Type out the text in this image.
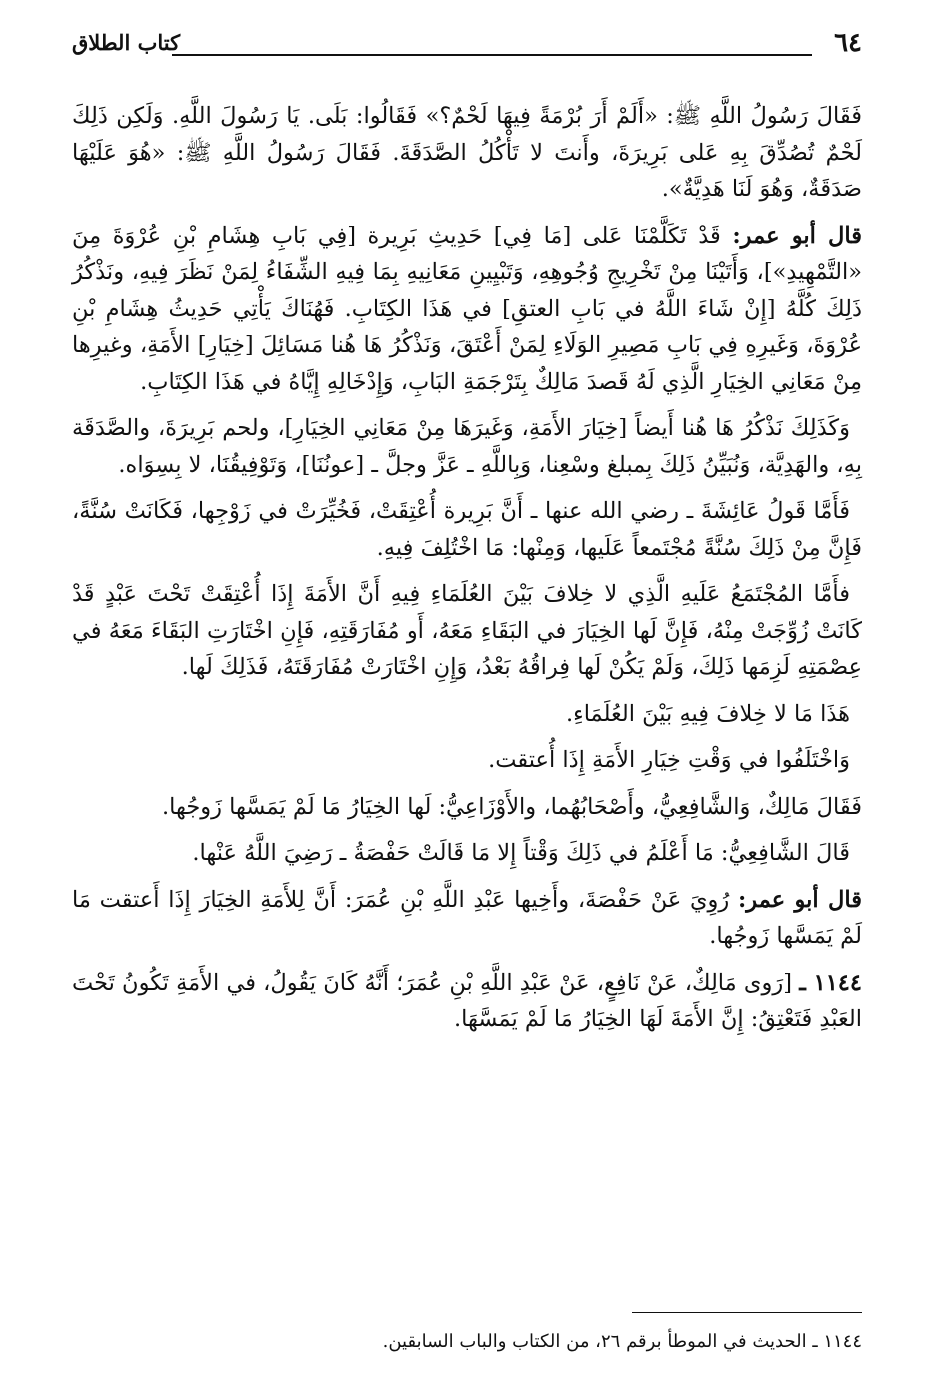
٦٤
كتاب الطلاق

فَقَالَ رَسُولُ اللَّهِ ﷺ: «أَلَمْ أَرَ بُرْمَةً فِيهَا لَحْمٌ؟» فَقَالُوا: بَلَى. يَا رَسُولَ اللَّهِ. وَلَكِن ذَلِكَ لَحْمٌ تُصُدِّقَ بِهِ عَلى بَرِيرَةَ، وأَنتَ لا تَأْكُلُ الصَّدَقَةَ. فَقَالَ رَسُولُ اللَّهِ ﷺ: «هُوَ عَلَيْهَا صَدَقَةٌ، وَهُوَ لَنَا هَدِيَّةٌ».

قال أبو عمر: قَدْ تَكَلَّمْنَا عَلى [مَا فِي] حَدِيثِ بَرِيرة [فِي بَابِ هِشَامِ بْنِ عُرْوَةَ مِنَ «التَّمْهِيدِ»]، وَأَتَيْنَا مِنْ تَخْرِيجِ وُجُوهِهِ، وَتَبْيِينِ مَعَانِيهِ بِمَا فِيهِ الشِّفَاءُ لِمَنْ نَظَرَ فِيهِ، ونَذْكُرُ ذَلِكَ كُلَّهُ [إِنْ شَاءَ اللَّهُ في بَابِ العتقِ] في هَذَا الكِتَابِ. فَهُنَاكَ يَأْتِي حَدِيثُ هِشَامِ بْنِ عُرْوَةَ، وَغَيرِهِ فِي بَابِ مَصِيرِ الوَلَاءِ لِمَنْ أَعْتَقَ، وَنَذْكُرُ هَا هُنا مَسَائِلَ [خِيَارِ] الأَمَةِ، وغيرِها مِنْ مَعَانِي الخِيَارِ الَّذِي لَهُ قَصدَ مَالِكٌ بِتَرْجَمَةِ البَابِ، وَإِدْخَالِهِ إِيَّاهُ في هَذَا الكِتَابِ.

وَكَذَلِكَ نَذْكُرُ هَا هُنا أَيضاً [خِيَارَ الأَمَةِ، وَغَيرَهَا مِنْ مَعَانِي الخِيَارِ]، ولحم بَرِيرَةَ، والصَّدَقَة بِهِ، والهَدِيَّة، وَنُبَيِّنُ ذَلِكَ بِمبلغ وسْعِنا، وَبِاللَّهِ ـ عَزَّ وجلَّ ـ [عونُنَا]، وَتَوْفِيقُنَا، لا بِسِوَاه.

فَأَمَّا قَولُ عَائِشَةَ ـ رضي الله عنها ـ أَنَّ بَرِيرة أُعْتِقَتْ، فَخُيِّرَتْ في زَوْجِها، فَكَانَتْ سُنَّةً، فَإِنَّ مِنْ ذَلِكَ سُنَّةً مُجْتَمعاً عَلَيها، وَمِنْها: مَا اخْتُلِفَ فِيهِ.

فأَمَّا المُجْتَمَعُ عَلَيهِ الَّذِي لا خِلافَ بَيْنَ العُلَمَاءِ فِيهِ أَنَّ الأَمَةَ إِذَا أُعْتِقَتْ تَحْتَ عَبْدٍ قَدْ كَانَتْ زُوِّجَتْ مِنْهُ، فَإِنَّ لَها الخِيَارَ في البَقَاءِ مَعَهُ، أَو مُفَارَقَتِهِ، فَإِنِ اخْتَارَتِ البَقَاءَ مَعَهُ في عِصْمَتِهِ لَزِمَها ذَلِكَ، وَلَمْ يَكُنْ لَها فِراقُهُ بَعْدُ، وَإِنِ اخْتَارَتْ مُفَارَقَتَهُ، فَذَلِكَ لَها.

هَذَا مَا لا خِلافَ فِيهِ بَيْنَ العُلَمَاءِ.

وَاخْتَلَفُوا في وَقْتِ خِيَارِ الأَمَةِ إِذَا أُعتقت.

فَقَالَ مَالِكٌ، وَالشَّافِعِيُّ، وأَصْحَابُهُما، والأَوْزَاعِيُّ: لَها الخِيَارُ مَا لَمْ يَمَسَّها زَوجُها.

قَالَ الشَّافِعِيُّ: مَا أَعْلَمُ في ذَلِكَ وَقْتاً إِلا مَا قَالَتْ حَفْصَةُ ـ رَضِيَ اللَّهُ عَنْها.

قال أبو عمر: رُوِيَ عَنْ حَفْصَةَ، وأَخِيها عَبْدِ اللَّهِ بْنِ عُمَرَ: أَنَّ لِلأَمَةِ الخِيَارَ إِذَا أَعتقت مَا لَمْ يَمَسَّها زَوجُها.

١١٤٤ ـ [رَوى مَالِكٌ، عَنْ نَافِعٍ، عَنْ عَبْدِ اللَّهِ بْنِ عُمَرَ؛ أَنَّهُ كَانَ يَقُولُ، في الأَمَةِ تَكُونُ تَحْتَ العَبْدِ فَتَعْتِقُ: إِنَّ الأَمَةَ لَهَا الخِيَارُ مَا لَمْ يَمَسَّهَا.

١١٤٤ ـ الحديث في الموطأ برقم ٢٦، من الكتاب والباب السابقين.
